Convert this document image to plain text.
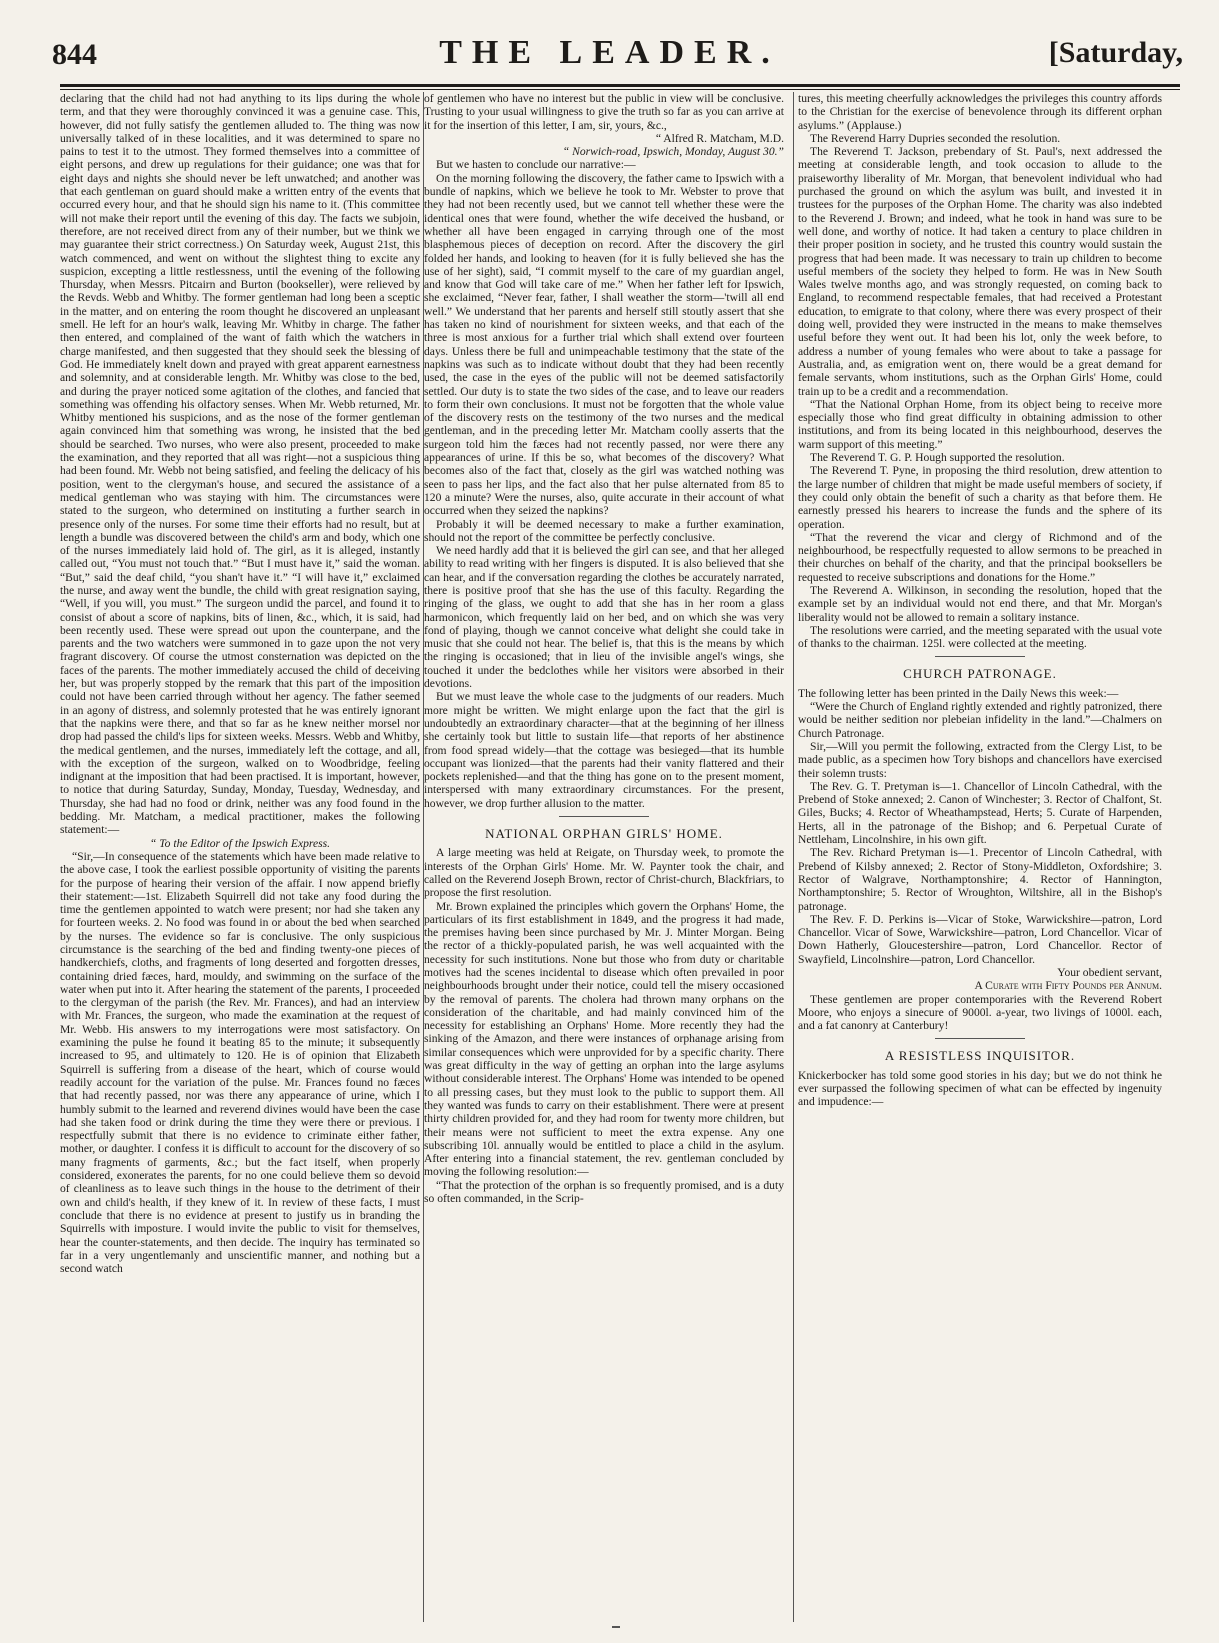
844	THE LEADER.	[Saturday,

declaring that the child had not had anything to its lips during the whole term, and that they were thoroughly convinced it was a genuine case. This, however, did not fully satisfy the gentlemen alluded to. The thing was now universally talked of in these localities, and it was determined to spare no pains to test it to the utmost. They formed themselves into a committee of eight persons, and drew up regulations for their guidance; one was that for eight days and nights she should never be left unwatched; and another was that each gentleman on guard should make a written entry of the events that occurred every hour, and that he should sign his name to it. (This committee will not make their report until the evening of this day. The facts we subjoin, therefore, are not received direct from any of their number, but we think we may guarantee their strict correctness.) On Saturday week, August 21st, this watch commenced, and went on without the slightest thing to excite any suspicion, excepting a little restlessness, until the evening of the following Thursday, when Messrs. Pitcairn and Burton (bookseller), were relieved by the Revds. Webb and Whitby. The former gentleman had long been a sceptic in the matter, and on entering the room thought he discovered an unpleasant smell. He left for an hour's walk, leaving Mr. Whitby in charge. The father then entered, and complained of the want of faith which the watchers in charge manifested, and then suggested that they should seek the blessing of God. He immediately knelt down and prayed with great apparent earnestness and solemnity, and at considerable length. Mr. Whitby was close to the bed, and during the prayer noticed some agitation of the clothes, and fancied that something was offending his olfactory senses. When Mr. Webb returned, Mr. Whitby mentioned his suspicions, and as the nose of the former gentleman again convinced him that something was wrong, he insisted that the bed should be searched. Two nurses, who were also present, proceeded to make the examination, and they reported that all was right—not a suspicious thing had been found. Mr. Webb not being satisfied, and feeling the delicacy of his position, went to the clergyman's house, and secured the assistance of a medical gentleman who was staying with him. The circumstances were stated to the surgeon, who determined on instituting a further search in presence only of the nurses. For some time their efforts had no result, but at length a bundle was discovered between the child's arm and body, which one of the nurses immediately laid hold of. The girl, as it is alleged, instantly called out, “You must not touch that.” “But I must have it,” said the woman. “But,” said the deaf child, “you shan't have it.” “I will have it,” exclaimed the nurse, and away went the bundle, the child with great resignation saying, “Well, if you will, you must.” The surgeon undid the parcel, and found it to consist of about a score of napkins, bits of linen, &c., which, it is said, had been recently used. These were spread out upon the counterpane, and the parents and the two watchers were summoned in to gaze upon the not very fragrant discovery. Of course the utmost consternation was depicted on the faces of the parents. The mother immediately accused the child of deceiving her, but was properly stopped by the remark that this part of the imposition could not have been carried through without her agency. The father seemed in an agony of distress, and solemnly protested that he was entirely ignorant that the napkins were there, and that so far as he knew neither morsel nor drop had passed the child's lips for sixteen weeks. Messrs. Webb and Whitby, the medical gentlemen, and the nurses, immediately left the cottage, and all, with the exception of the surgeon, walked on to Woodbridge, feeling indignant at the imposition that had been practised. It is important, however, to notice that during Saturday, Sunday, Monday, Tuesday, Wednesday, and Thursday, she had had no food or drink, neither was any food found in the bedding. Mr. Matcham, a medical practitioner, makes the following statement:—

“ To the Editor of the Ipswich Express.

“Sir,—In consequence of the statements which have been made relative to the above case, I took the earliest possible opportunity of visiting the parents for the purpose of hearing their version of the affair. I now append briefly their statement:—1st. Elizabeth Squirrell did not take any food during the time the gentlemen appointed to watch were present; nor had she taken any for fourteen weeks. 2. No food was found in or about the bed when searched by the nurses. The evidence so far is conclusive. The only suspicious circumstance is the searching of the bed and finding twenty-one pieces of handkerchiefs, cloths, and fragments of long deserted and forgotten dresses, containing dried fæces, hard, mouldy, and swimming on the surface of the water when put into it. After hearing the statement of the parents, I proceeded to the clergyman of the parish (the Rev. Mr. Frances), and had an interview with Mr. Frances, the surgeon, who made the examination at the request of Mr. Webb. His answers to my interrogations were most satisfactory. On examining the pulse he found it beating 85 to the minute; it subsequently increased to 95, and ultimately to 120. He is of opinion that Elizabeth Squirrell is suffering from a disease of the heart, which of course would readily account for the variation of the pulse. Mr. Frances found no fæces that had recently passed, nor was there any appearance of urine, which I humbly submit to the learned and reverend divines would have been the case had she taken food or drink during the time they were there or previous. I respectfully submit that there is no evidence to criminate either father, mother, or daughter. I confess it is difficult to account for the discovery of so many fragments of garments, &c.; but the fact itself, when properly considered, exonerates the parents, for no one could believe them so devoid of cleanliness as to leave such things in the house to the detriment of their own and child's health, if they knew of it. In review of these facts, I must conclude that there is no evidence at present to justify us in branding the Squirrells with imposture. I would invite the public to visit for themselves, hear the counter-statements, and then decide. The inquiry has terminated so far in a very ungentlemanly and unscientific manner, and nothing but a second watch

of gentlemen who have no interest but the public in view will be conclusive. Trusting to your usual willingness to give the truth so far as you can arrive at it for the insertion of this letter, I am, sir, yours, &c.,

“ Alfred R. Matcham, M.D.

“ Norwich-road, Ipswich, Monday, August 30.”

But we hasten to conclude our narrative:—

On the morning following the discovery, the father came to Ipswich with a bundle of napkins, which we believe he took to Mr. Webster to prove that they had not been recently used, but we cannot tell whether these were the identical ones that were found, whether the wife deceived the husband, or whether all have been engaged in carrying through one of the most blasphemous pieces of deception on record. After the discovery the girl folded her hands, and looking to heaven (for it is fully believed she has the use of her sight), said, “I commit myself to the care of my guardian angel, and know that God will take care of me.” When her father left for Ipswich, she exclaimed, “Never fear, father, I shall weather the storm—'twill all end well.” We understand that her parents and herself still stoutly assert that she has taken no kind of nourishment for sixteen weeks, and that each of the three is most anxious for a further trial which shall extend over fourteen days. Unless there be full and unimpeachable testimony that the state of the napkins was such as to indicate without doubt that they had been recently used, the case in the eyes of the public will not be deemed satisfactorily settled. Our duty is to state the two sides of the case, and to leave our readers to form their own conclusions. It must not be forgotten that the whole value of the discovery rests on the testimony of the two nurses and the medical gentleman, and in the preceding letter Mr. Matcham coolly asserts that the surgeon told him the fæces had not recently passed, nor were there any appearances of urine. If this be so, what becomes of the discovery? What becomes also of the fact that, closely as the girl was watched nothing was seen to pass her lips, and the fact also that her pulse alternated from 85 to 120 a minute? Were the nurses, also, quite accurate in their account of what occurred when they seized the napkins?

Probably it will be deemed necessary to make a further examination, should not the report of the committee be perfectly conclusive.

We need hardly add that it is believed the girl can see, and that her alleged ability to read writing with her fingers is disputed. It is also believed that she can hear, and if the conversation regarding the clothes be accurately narrated, there is positive proof that she has the use of this faculty. Regarding the ringing of the glass, we ought to add that she has in her room a glass harmonicon, which frequently laid on her bed, and on which she was very fond of playing, though we cannot conceive what delight she could take in music that she could not hear. The belief is, that this is the means by which the ringing is occasioned; that in lieu of the invisible angel's wings, she touched it under the bedclothes while her visitors were absorbed in their devotions.

But we must leave the whole case to the judgments of our readers. Much more might be written. We might enlarge upon the fact that the girl is undoubtedly an extraordinary character—that at the beginning of her illness she certainly took but little to sustain life—that reports of her abstinence from food spread widely—that the cottage was besieged—that its humble occupant was lionized—that the parents had their vanity flattered and their pockets replenished—and that the thing has gone on to the present moment, interspersed with many extraordinary circumstances. For the present, however, we drop further allusion to the matter.

NATIONAL ORPHAN GIRLS' HOME.

A large meeting was held at Reigate, on Thursday week, to promote the interests of the Orphan Girls' Home. Mr. W. Paynter took the chair, and called on the Reverend Joseph Brown, rector of Christ-church, Blackfriars, to propose the first resolution.

Mr. Brown explained the principles which govern the Orphans' Home, the particulars of its first establishment in 1849, and the progress it had made, the premises having been since purchased by Mr. J. Minter Morgan. Being the rector of a thickly-populated parish, he was well acquainted with the necessity for such institutions. None but those who from duty or charitable motives had the scenes incidental to disease which often prevailed in poor neighbourhoods brought under their notice, could tell the misery occasioned by the removal of parents. The cholera had thrown many orphans on the consideration of the charitable, and had mainly convinced him of the necessity for establishing an Orphans' Home. More recently they had the sinking of the Amazon, and there were instances of orphanage arising from similar consequences which were unprovided for by a specific charity. There was great difficulty in the way of getting an orphan into the large asylums without considerable interest. The Orphans' Home was intended to be opened to all pressing cases, but they must look to the public to support them. All they wanted was funds to carry on their establishment. There were at present thirty children provided for, and they had room for twenty more children, but their means were not sufficient to meet the extra expense. Any one subscribing 10l. annually would be entitled to place a child in the asylum. After entering into a financial statement, the rev. gentleman concluded by moving the following resolution:—

“That the protection of the orphan is so frequently promised, and is a duty so often commanded, in the Scrip-

tures, this meeting cheerfully acknowledges the privileges this country affords to the Christian for the exercise of benevolence through its different orphan asylums.” (Applause.)

The Reverend Harry Dupries seconded the resolution.

The Reverend T. Jackson, prebendary of St. Paul's, next addressed the meeting at considerable length, and took occasion to allude to the praiseworthy liberality of Mr. Morgan, that benevolent individual who had purchased the ground on which the asylum was built, and invested it in trustees for the purposes of the Orphan Home. The charity was also indebted to the Reverend J. Brown; and indeed, what he took in hand was sure to be well done, and worthy of notice. It had taken a century to place children in their proper position in society, and he trusted this country would sustain the progress that had been made. It was necessary to train up children to become useful members of the society they helped to form. He was in New South Wales twelve months ago, and was strongly requested, on coming back to England, to recommend respectable females, that had received a Protestant education, to emigrate to that colony, where there was every prospect of their doing well, provided they were instructed in the means to make themselves useful before they went out. It had been his lot, only the week before, to address a number of young females who were about to take a passage for Australia, and, as emigration went on, there would be a great demand for female servants, whom institutions, such as the Orphan Girls' Home, could train up to be a credit and a recommendation.

“That the National Orphan Home, from its object being to receive more especially those who find great difficulty in obtaining admission to other institutions, and from its being located in this neighbourhood, deserves the warm support of this meeting.”

The Reverend T. G. P. Hough supported the resolution.

The Reverend T. Pyne, in proposing the third resolution, drew attention to the large number of children that might be made useful members of society, if they could only obtain the benefit of such a charity as that before them. He earnestly pressed his hearers to increase the funds and the sphere of its operation.

“That the reverend the vicar and clergy of Richmond and of the neighbourhood, be respectfully requested to allow sermons to be preached in their churches on behalf of the charity, and that the principal booksellers be requested to receive subscriptions and donations for the Home.”

The Reverend A. Wilkinson, in seconding the resolution, hoped that the example set by an individual would not end there, and that Mr. Morgan's liberality would not be allowed to remain a solitary instance.

The resolutions were carried, and the meeting separated with the usual vote of thanks to the chairman. 125l. were collected at the meeting.

CHURCH PATRONAGE.

The following letter has been printed in the Daily News this week:—

“Were the Church of England rightly extended and rightly patronized, there would be neither sedition nor plebeian infidelity in the land.”—Chalmers on Church Patronage.

Sir,—Will you permit the following, extracted from the Clergy List, to be made public, as a specimen how Tory bishops and chancellors have exercised their solemn trusts:

The Rev. G. T. Pretyman is—1. Chancellor of Lincoln Cathedral, with the Prebend of Stoke annexed; 2. Canon of Winchester; 3. Rector of Chalfont, St. Giles, Bucks; 4. Rector of Wheathampstead, Herts; 5. Curate of Harpenden, Herts, all in the patronage of the Bishop; and 6. Perpetual Curate of Nettleham, Lincolnshire, in his own gift.

The Rev. Richard Pretyman is—1. Precentor of Lincoln Cathedral, with Prebend of Kilsby annexed; 2. Rector of Stony-Middleton, Oxfordshire; 3. Rector of Walgrave, Northamptonshire; 4. Rector of Hannington, Northamptonshire; 5. Rector of Wroughton, Wiltshire, all in the Bishop's patronage.

The Rev. F. D. Perkins is—Vicar of Stoke, Warwickshire—patron, Lord Chancellor. Vicar of Sowe, Warwickshire—patron, Lord Chancellor. Vicar of Down Hatherly, Gloucestershire—patron, Lord Chancellor. Rector of Swayfield, Lincolnshire—patron, Lord Chancellor.

Your obedient servant,

A Curate with Fifty Pounds per Annum.

These gentlemen are proper contemporaries with the Reverend Robert Moore, who enjoys a sinecure of 9000l. a-year, two livings of 1000l. each, and a fat canonry at Canterbury!

A RESISTLESS INQUISITOR.

Knickerbocker has told some good stories in his day; but we do not think he ever surpassed the following specimen of what can be effected by ingenuity and impudence:—
